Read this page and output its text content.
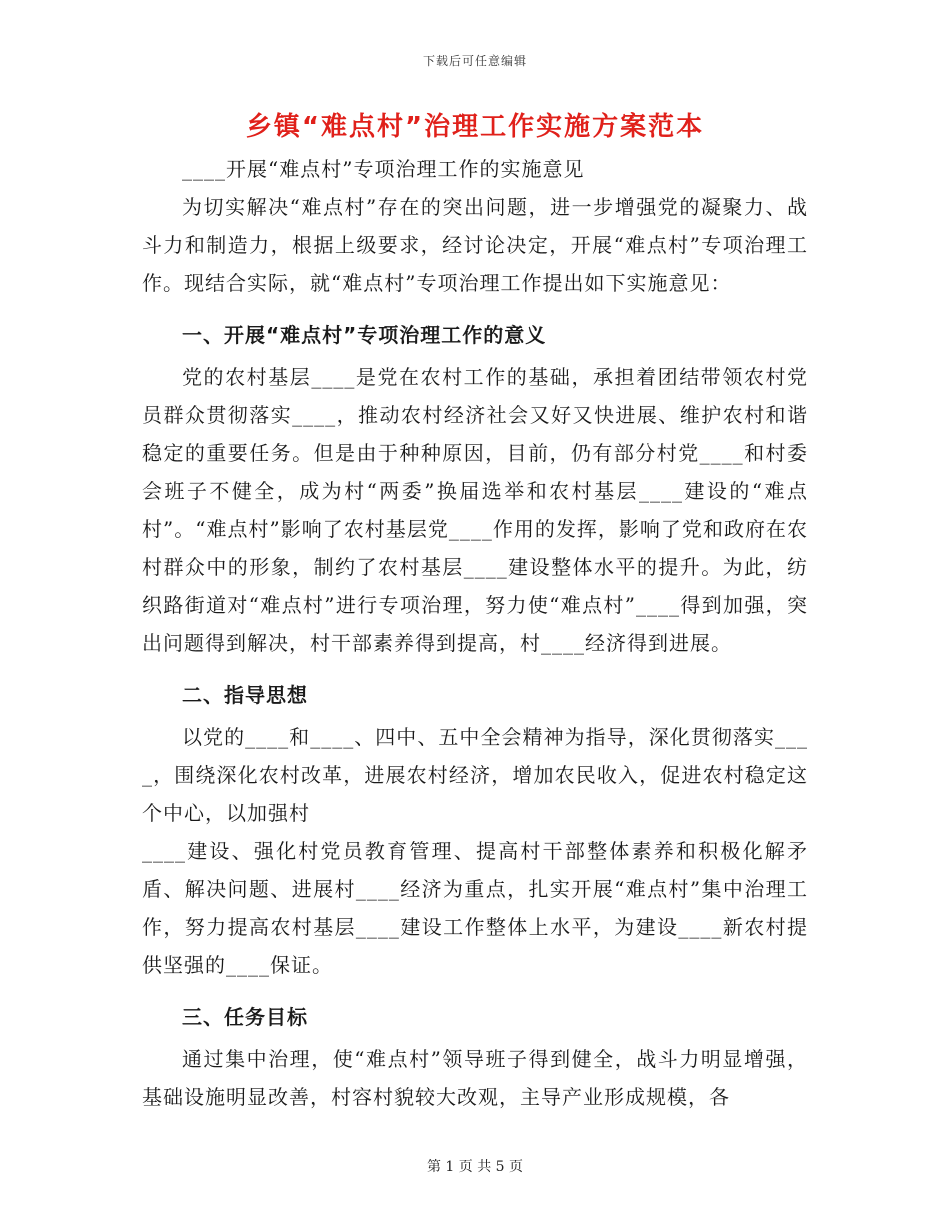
下载后可任意编辑
乡镇“难点村”治理工作实施方案范本

____开展“难点村”专项治理工作的实施意见

为切实解决“难点村”存在的突出问题，进一步增强党的凝聚力、战斗力和制造力，根据上级要求，经讨论决定，开展“难点村”专项治理工作。现结合实际，就“难点村”专项治理工作提出如下实施意见：

一、开展“难点村”专项治理工作的意义

党的农村基层____是党在农村工作的基础，承担着团结带领农村党员群众贯彻落实____，推动农村经济社会又好又快进展、维护农村和谐稳定的重要任务。但是由于种种原因，目前，仍有部分村党____和村委会班子不健全，成为村“两委”换届选举和农村基层____建设的“难点村”。“难点村”影响了农村基层党____作用的发挥，影响了党和政府在农村群众中的形象，制约了农村基层____建设整体水平的提升。为此，纺织路街道对“难点村”进行专项治理，努力使“难点村”____得到加强，突出问题得到解决，村干部素养得到提高，村____经济得到进展。

二、指导思想

以党的____和____、四中、五中全会精神为指导，深化贯彻落实____，围绕深化农村改革，进展农村经济，增加农民收入，促进农村稳定这个中心，以加强村

____建设、强化村党员教育管理、提高村干部整体素养和积极化解矛盾、解决问题、进展村____经济为重点，扎实开展“难点村”集中治理工作，努力提高农村基层____建设工作整体上水平，为建设____新农村提供坚强的____保证。

三、任务目标

通过集中治理，使“难点村”领导班子得到健全，战斗力明显增强，基础设施明显改善，村容村貌较大改观，主导产业形成规模，各

第 1 页 共 5 页
